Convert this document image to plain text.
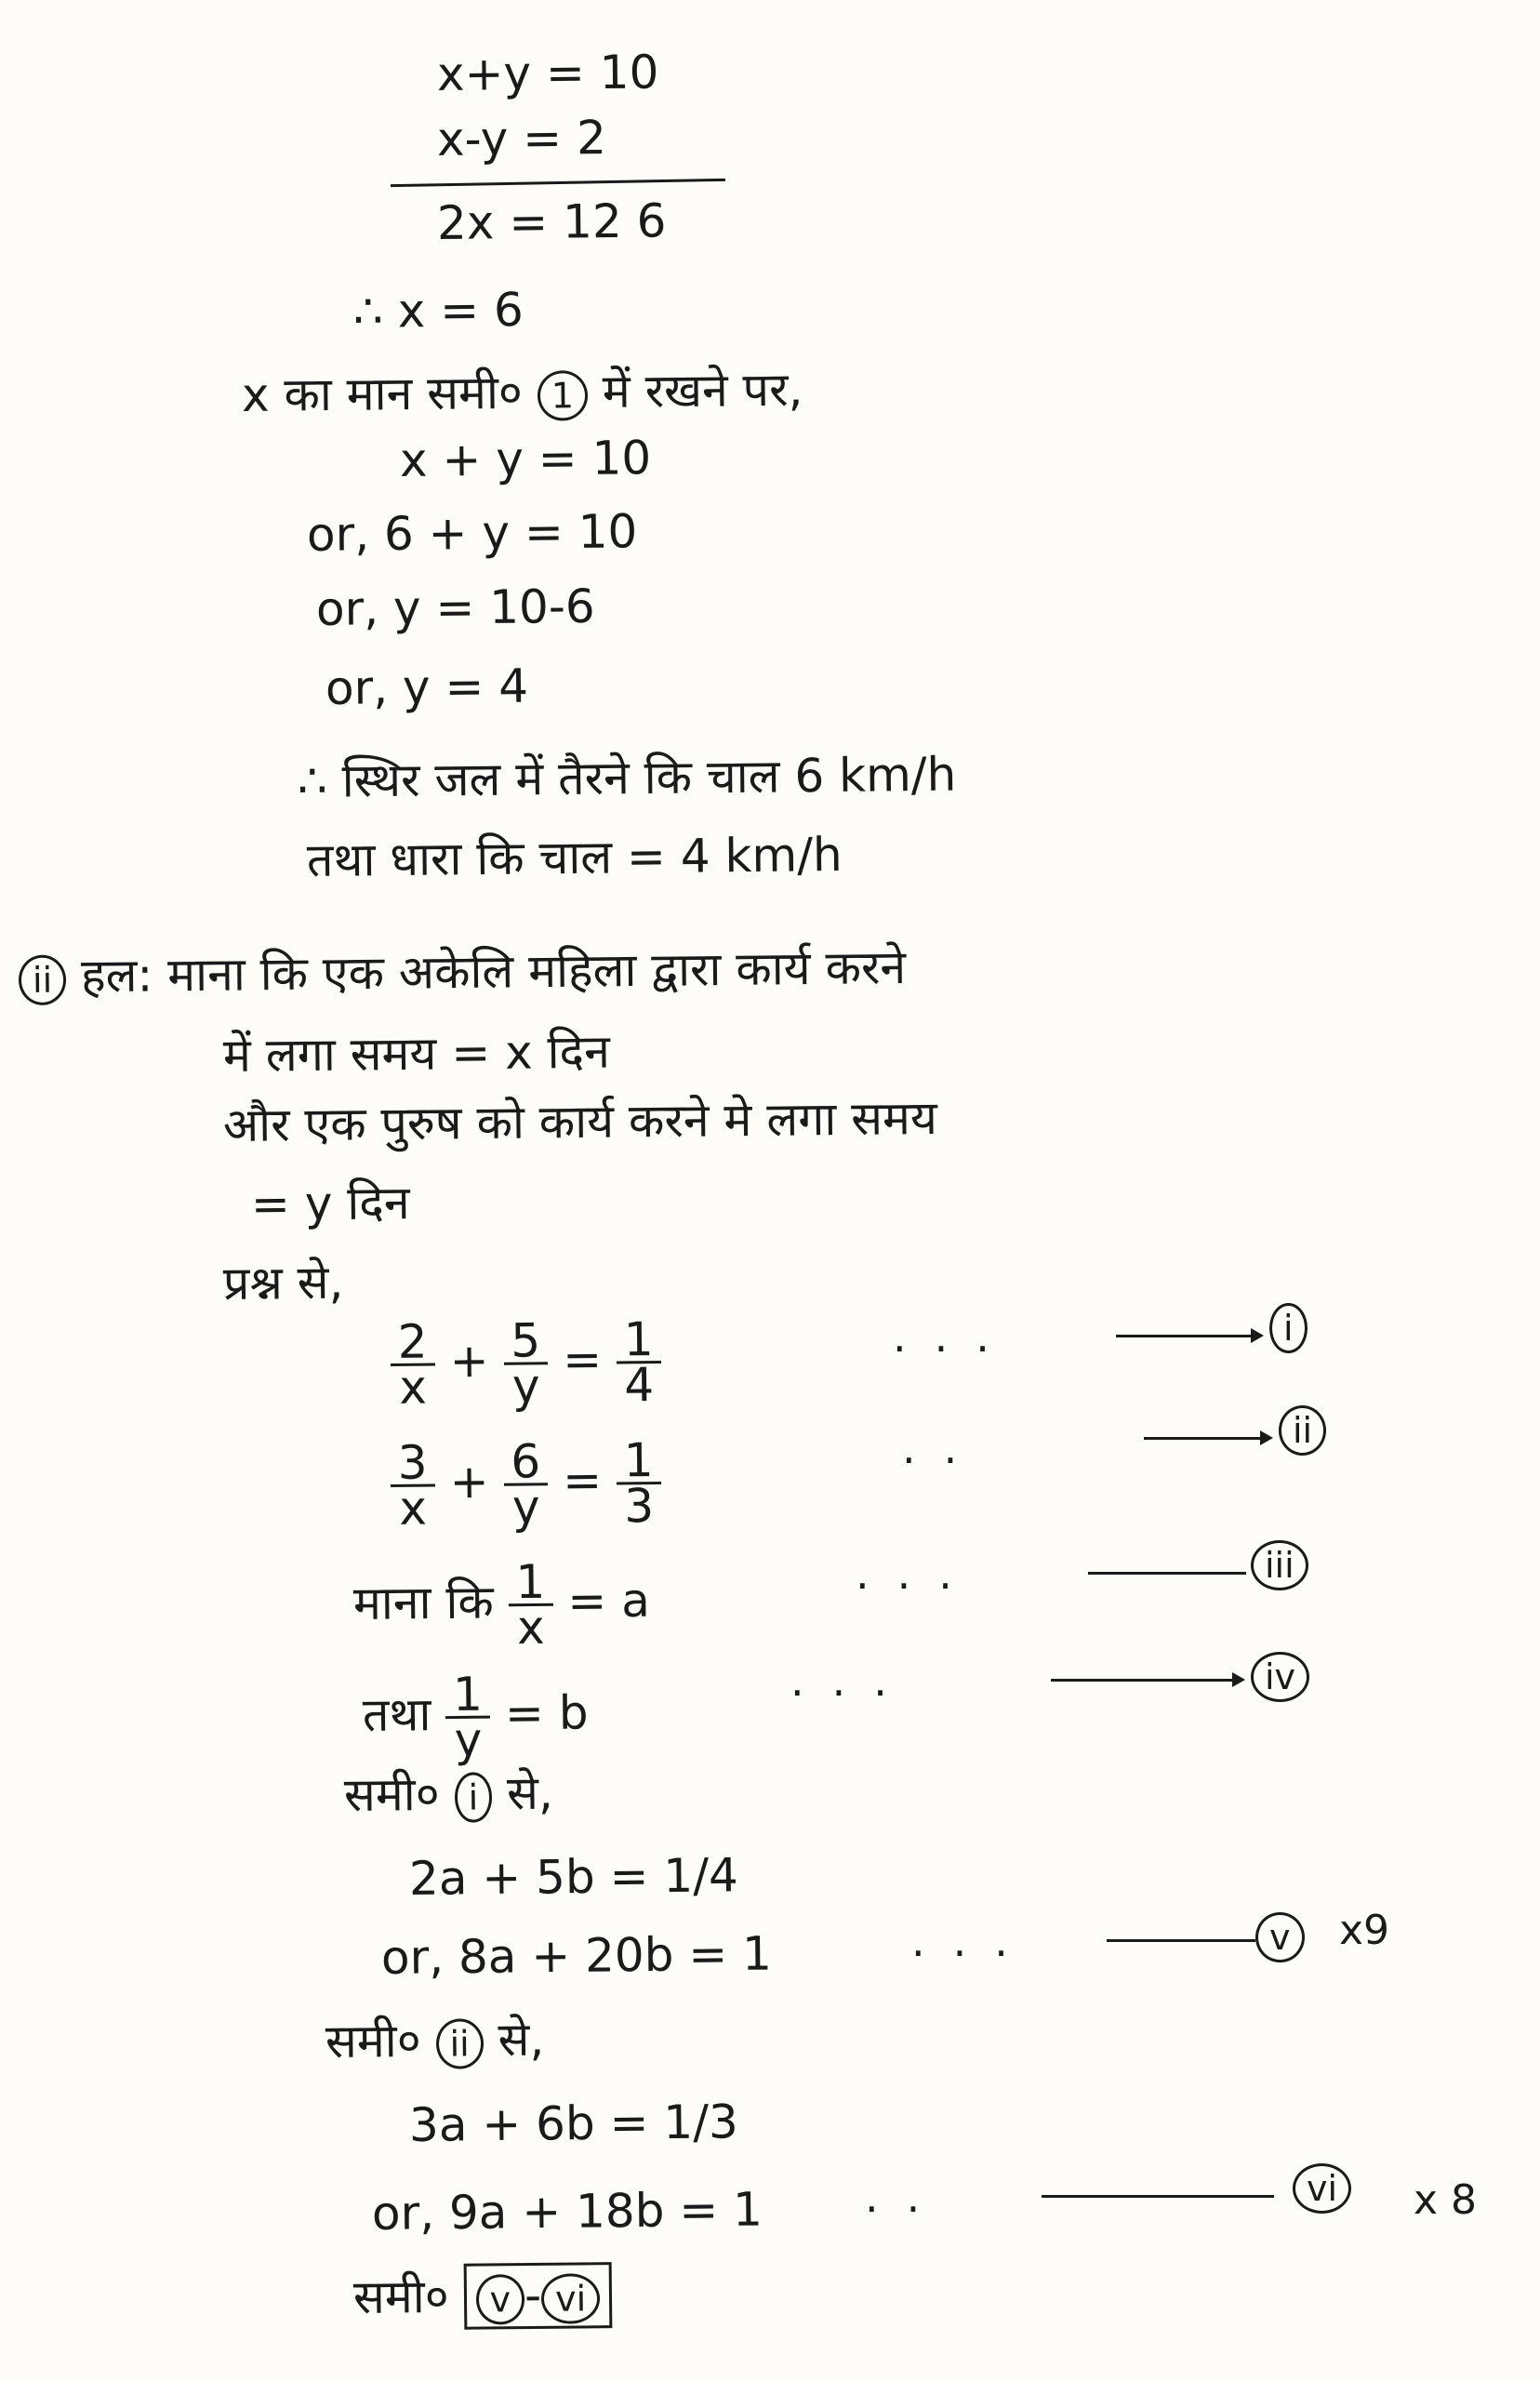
x+y = 10
x-y = 2
2x = 12 6
∴ x = 6
x का मान समी० 1 मेें रखने पर,
x + y = 10
or, 6 + y = 10
or, y = 10-6
or, y = 4
∴ स्थिर जल में तैरने कि चाल 6 km/h
तथा धारा कि चाल = 4 km/h
ii हल: माना कि एक अकेलि महिला द्वारा कार्य करने
में लगा समय = x दिन
और एक पुरुष को कार्य करने मे लगा समय
= y दिन
प्रश्न से,
$\frac{2}{x} + \frac{5}{y} = \frac{1}{4}$	...	i
$\frac{3}{x} + \frac{6}{y} = \frac{1}{3}$	..	ii
माना कि $\frac{1}{x} = a$	...	iii
तथा $\frac{1}{y} = b$
...	iv
समी० i से,
2a + 5b = 1/4
or, 8a + 20b = 1	...	v	x9
समी० ii से,
3a + 6b = 1/3
or, 9a + 18b = 1 ..	vi	x 8
समी० v - vi
